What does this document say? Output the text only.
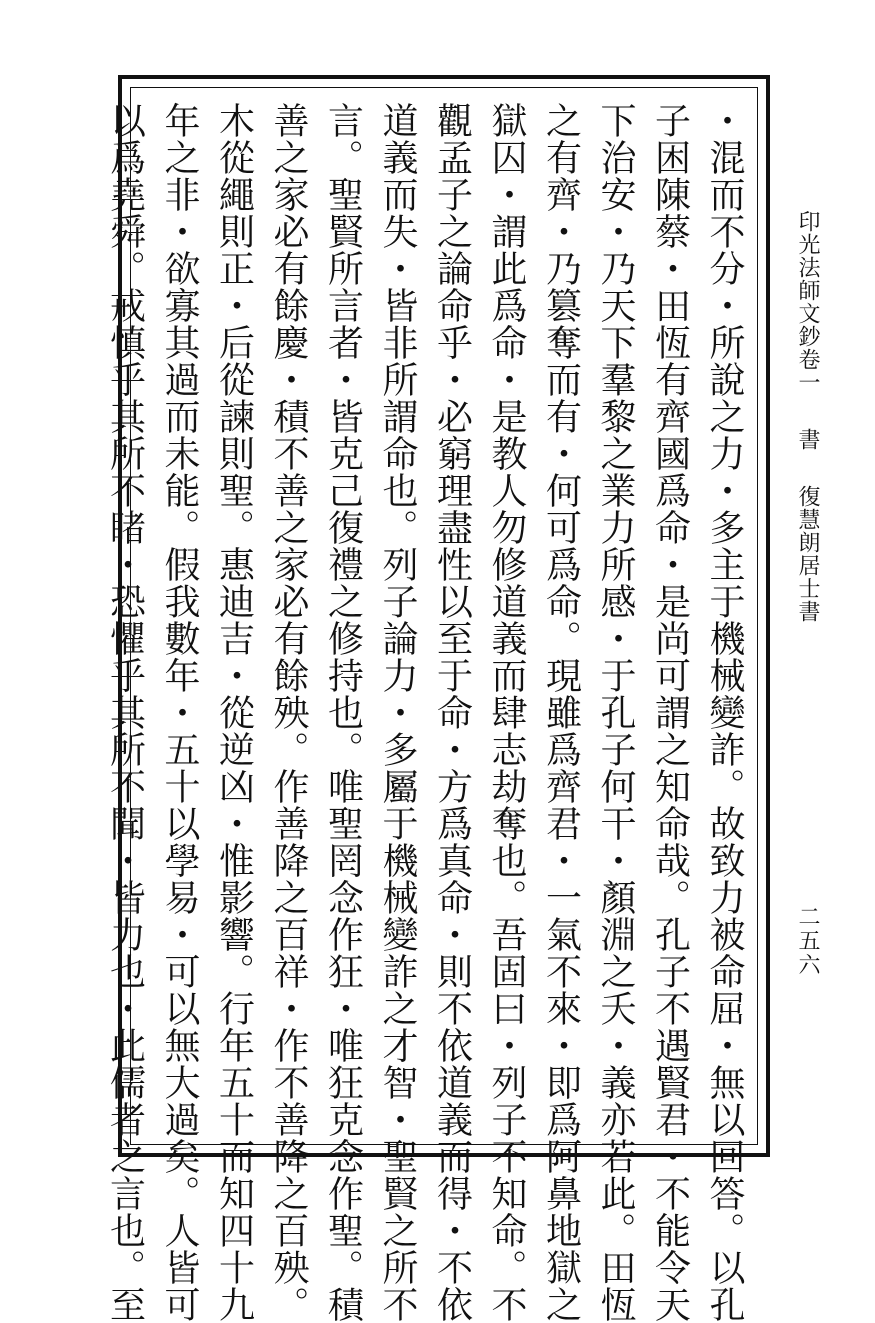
・混而不分・所說之力・多主于機械變詐。故致力被命屈・無以回答。以孔
子困陳蔡・田恆有齊國爲命・是尚可謂之知命哉。孔子不遇賢君・不能令天
下治安・乃天下羣黎之業力所感・于孔子何干・顏淵之夭・義亦若此。田恆
之有齊・乃篡奪而有・何可爲命。現雖爲齊君・一氣不來・即爲阿鼻地獄之
獄囚・謂此爲命・是教人勿修道義而肆志劫奪也。吾固曰・列子不知命。不
觀孟子之論命乎・必窮理盡性以至于命・方爲真命・則不依道義而得・不依
道義而失・皆非所謂命也。列子論力・多屬于機械變詐之才智・聖賢之所不
言。聖賢所言者・皆克己復禮之修持也。唯聖罔念作狂・唯狂克念作聖。積
善之家必有餘慶・積不善之家必有餘殃。作善降之百祥・作不善降之百殃。
木從繩則正・后從諫則聖。惠迪吉・從逆凶・惟影響。行年五十而知四十九
年之非・欲寡其過而未能。假我數年・五十以學易・可以無大過矣。人皆可
以爲堯舜。戒慎乎其所不睹・恐懼乎其所不聞・皆力也・此儒者之言也。至	印光法師文鈔卷一書復慧朗居士書
二五六
